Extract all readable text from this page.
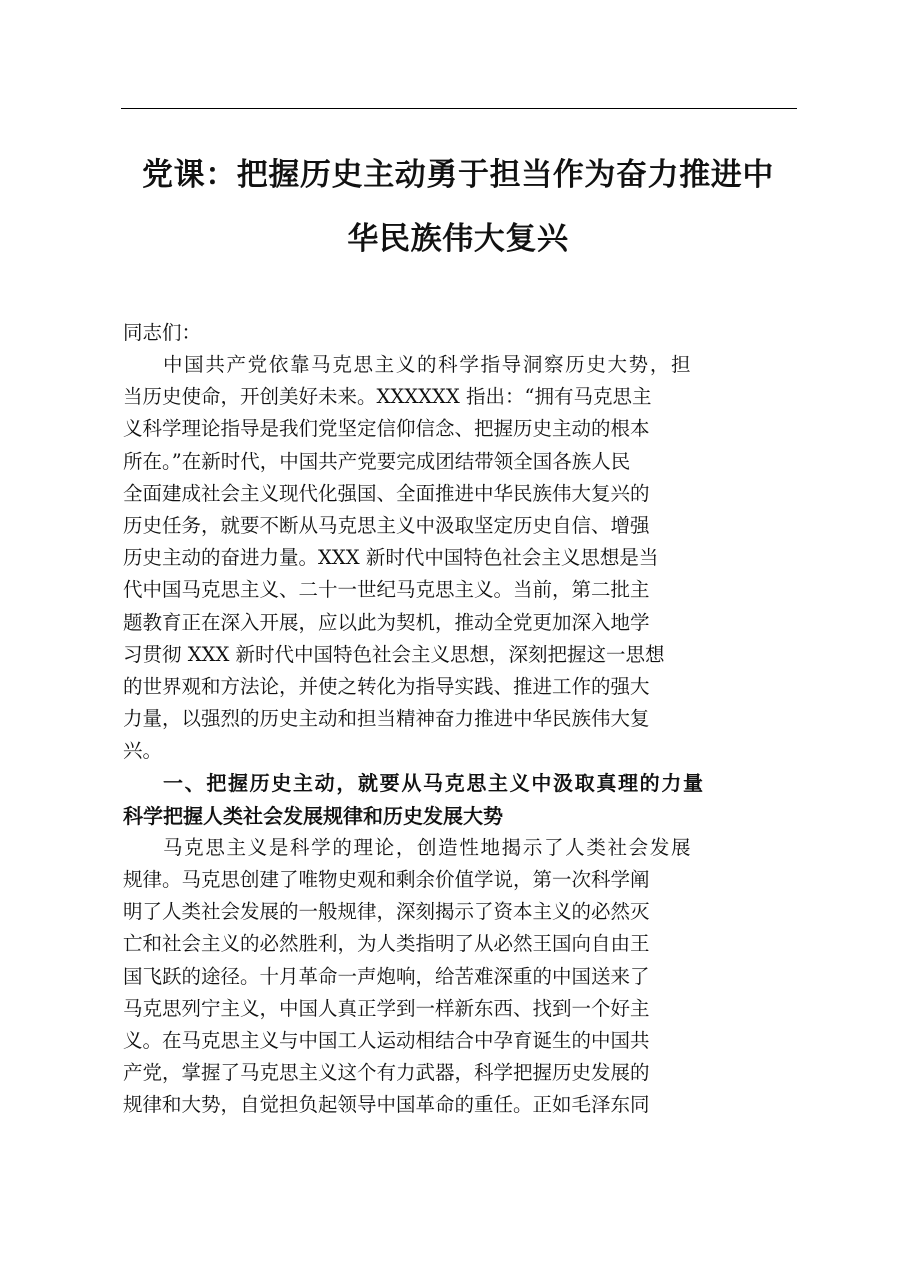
党课：把握历史主动勇于担当作为奋力推进中
华民族伟大复兴

同志们：

中国共产党依靠马克思主义的科学指导洞察历史大势，担
当历史使命，开创美好未来。XXXXXX 指出：“拥有马克思主
义科学理论指导是我们党坚定信仰信念、把握历史主动的根本
所在。”在新时代，中国共产党要完成团结带领全国各族人民
全面建成社会主义现代化强国、全面推进中华民族伟大复兴的
历史任务，就要不断从马克思主义中汲取坚定历史自信、增强
历史主动的奋进力量。XXX 新时代中国特色社会主义思想是当
代中国马克思主义、二十一世纪马克思主义。当前，第二批主
题教育正在深入开展，应以此为契机，推动全党更加深入地学
习贯彻 XXX 新时代中国特色社会主义思想，深刻把握这一思想
的世界观和方法论，并使之转化为指导实践、推进工作的强大
力量，以强烈的历史主动和担当精神奋力推进中华民族伟大复
兴。
一、把握历史主动，就要从马克思主义中汲取真理的力量
科学把握人类社会发展规律和历史发展大势
马克思主义是科学的理论，创造性地揭示了人类社会发展
规律。马克思创建了唯物史观和剩余价值学说，第一次科学阐
明了人类社会发展的一般规律，深刻揭示了资本主义的必然灭
亡和社会主义的必然胜利，为人类指明了从必然王国向自由王
国飞跃的途径。十月革命一声炮响，给苦难深重的中国送来了
马克思列宁主义，中国人真正学到一样新东西、找到一个好主
义。在马克思主义与中国工人运动相结合中孕育诞生的中国共
产党，掌握了马克思主义这个有力武器，科学把握历史发展的
规律和大势，自觉担负起领导中国革命的重任。正如毛泽东同
